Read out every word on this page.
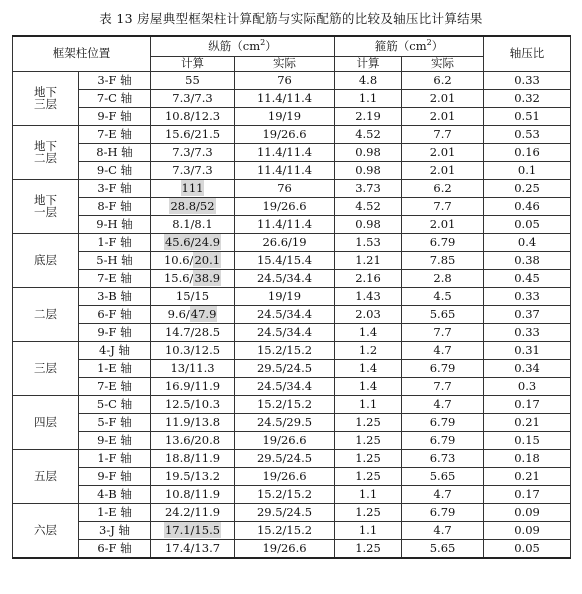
表 13 房屋典型框架柱计算配筋与实际配筋的比较及轴压比计算结果
框架柱位置		纵筋$(cm^2)$		箍筋$(cm^2)$		轴压比
		计算	实际	计算	实际	
地下
三层	3-F 轴	55	76	4.8	6.2	0.33
	7-C 轴	7.3/7.3	11.4/11.4	1.1	2.01	0.32
	9-F 轴	10.8/12.3	19/19	2.19	2.01	0.51
地下
二层	7-E 轴	15.6/21.5	19/26.6	4.52	7.7	0.53
	8-H 轴	7.3/7.3	11.4/11.4	0.98	2.01	0.16
	9-C 轴	7.3/7.3	11.4/11.4	0.98	2.01	0.1
地下
一层	3-F 轴	111	76	3.73	6.2	0.25
	8-F 轴	28.8/52	19/26.6	4.52	7.7	0.46
	9-H 轴	8.1/8.1	11.4/11.4	0.98	2.01	0.05
底层	1-F 轴	45.6/24.9	26.6/19	1.53	6.79	0.4
	5-H 轴	10.6/20.1	15.4/15.4	1.21	7.85	0.38
	7-E 轴	15.6/38.9	24.5/34.4	2.16	2.8	0.45
二层	3-B 轴	15/15	19/19	1.43	4.5	0.33
	6-F 轴	9.6/47.9	24.5/34.4	2.03	5.65	0.37
	9-F 轴	14.7/28.5	24.5/34.4	1.4	7.7	0.33
三层	4-J 轴	10.3/12.5	15.2/15.2	1.2	4.7	0.31
	1-E 轴	13/11.3	29.5/24.5	1.4	6.79	0.34
	7-E 轴	16.9/11.9	24.5/34.4	1.4	7.7	0.3
四层	5-C 轴	12.5/10.3	15.2/15.2	1.1	4.7	0.17
	5-F 轴	11.9/13.8	24.5/29.5	1.25	6.79	0.21
	9-E 轴	13.6/20.8	19/26.6	1.25	6.79	0.15
五层	1-F 轴	18.8/11.9	29.5/24.5	1.25	6.73	0.18
	9-F 轴	19.5/13.2	19/26.6	1.25	5.65	0.21
	4-B 轴	10.8/11.9	15.2/15.2	1.1	4.7	0.17
六层	1-E 轴	24.2/11.9	29.5/24.5	1.25	6.79	0.09
	3-J 轴	17.1/15.5	15.2/15.2	1.1	4.7	0.09
	6-F 轴	17.4/13.7	19/26.6	1.25	5.65	0.05
